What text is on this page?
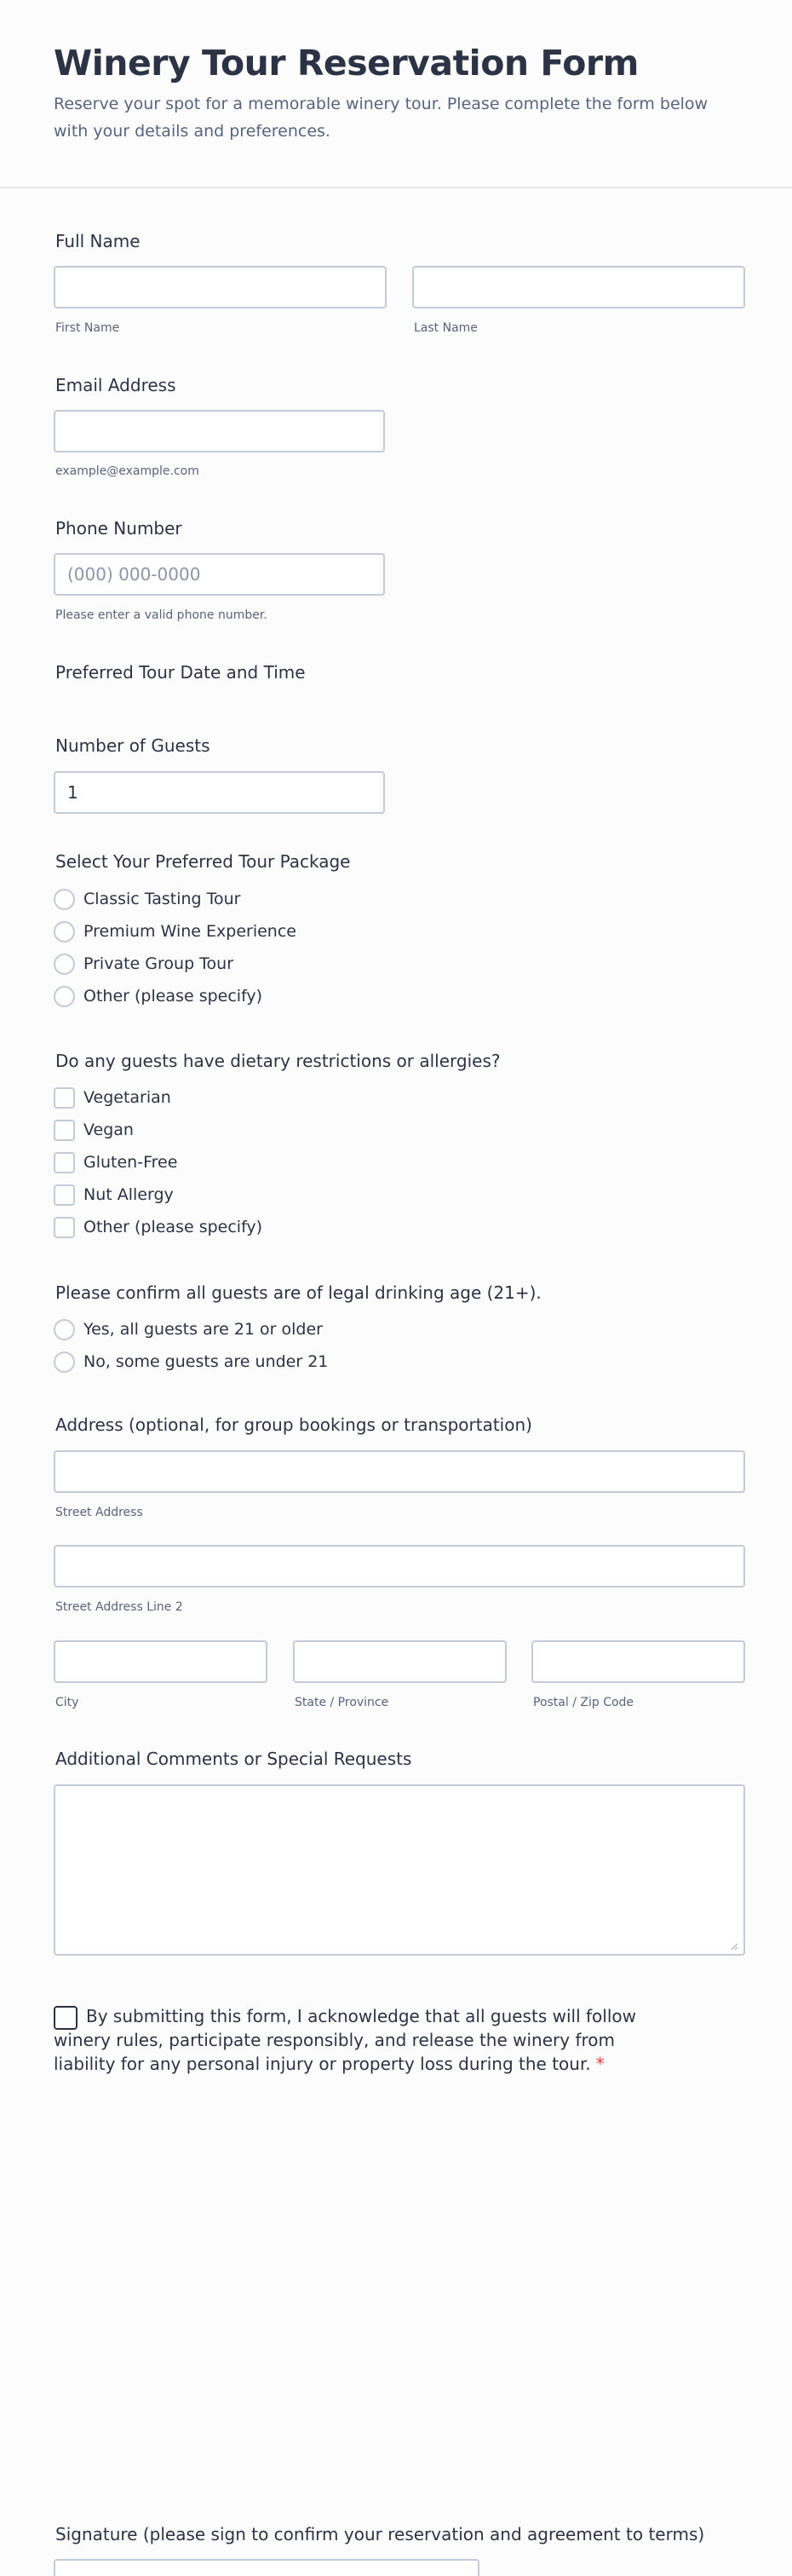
Winery Tour Reservation Form
Reserve your spot for a memorable winery tour. Please complete the form below with your details and preferences.
Full Name
First Name	Last Name
Email Address
example@example.com
Phone Number
(000) 000-0000
Please enter a valid phone number.
Preferred Tour Date and Time
Number of Guests
1
Select Your Preferred Tour Package
Classic Tasting Tour
Premium Wine Experience
Private Group Tour
Other (please specify)
Do any guests have dietary restrictions or allergies?
Vegetarian
Vegan
Gluten-Free
Nut Allergy
Other (please specify)
Please confirm all guests are of legal drinking age (21+).
Yes, all guests are 21 or older
No, some guests are under 21
Address (optional, for group bookings or transportation)
Street Address
Street Address Line 2
City	State / Province	Postal / Zip Code
Additional Comments or Special Requests
By submitting this form, I acknowledge that all guests will follow winery rules, participate responsibly, and release the winery from liability for any personal injury or property loss during the tour. *
Signature (please sign to confirm your reservation and agreement to terms)
